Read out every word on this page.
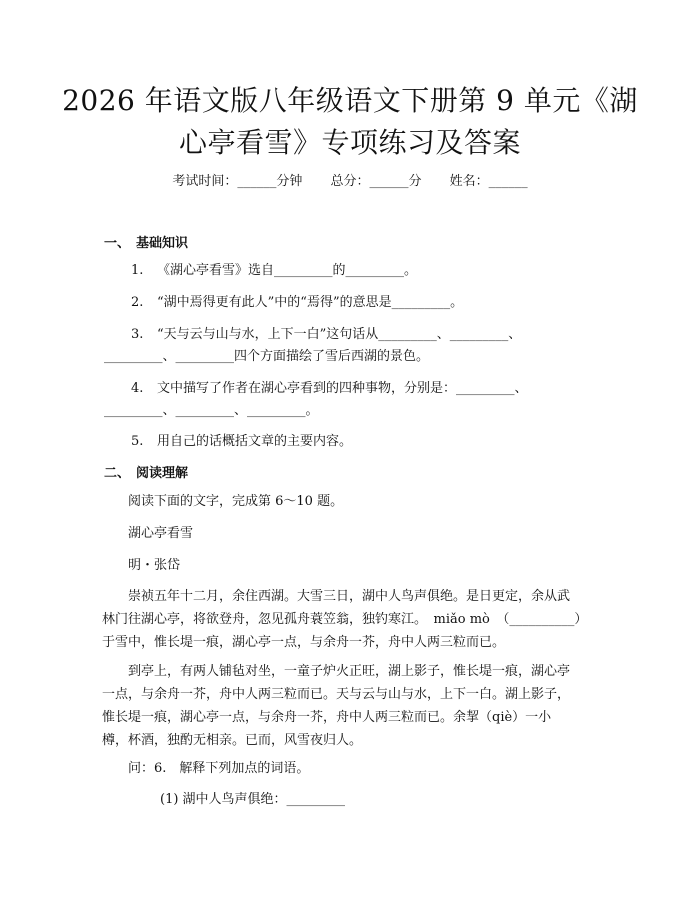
2026 年语文版八年级语文下册第 9 单元《湖
心亭看雪》专项练习及答案
考试时间：______分钟 总分：______分 姓名：______
一、 基础知识
1. 《湖心亭看雪》选自_________的_________。
2. “湖中焉得更有此人”中的“焉得”的意思是_________。
3. “天与云与山与水，上下一白”这句话从_________、_________、
_________、_________四个方面描绘了雪后西湖的景色。
4. 文中描写了作者在湖心亭看到的四种事物，分别是：_________、
_________、_________、_________。
5. 用自己的话概括文章的主要内容。
二、 阅读理解
阅读下面的文字，完成第 6～10 题。
湖心亭看雪
明・张岱
崇祯五年十二月，余住西湖。大雪三日，湖中人鸟声俱绝。是日更定，余从武
林门往湖心亭，将欲登舟，忽见孤舟蓑笠翁，独钓寒江。　miǎo mò　（__________）
于雪中，惟长堤一痕，湖心亭一点，与余舟一芥，舟中人两三粒而已。
到亭上，有两人铺毡对坐，一童子炉火正旺，湖上影子，惟长堤一痕，湖心亭
一点，与余舟一芥，舟中人两三粒而已。天与云与山与水，上下一白。湖上影子，
惟长堤一痕，湖心亭一点，与余舟一芥，舟中人两三粒而已。余挈（qiè）一小
樽，杯酒，独酌无相亲。已而，风雪夜归人。
问：6.　解释下列加点的词语。
(1) 湖中人鸟声俱绝：_________
